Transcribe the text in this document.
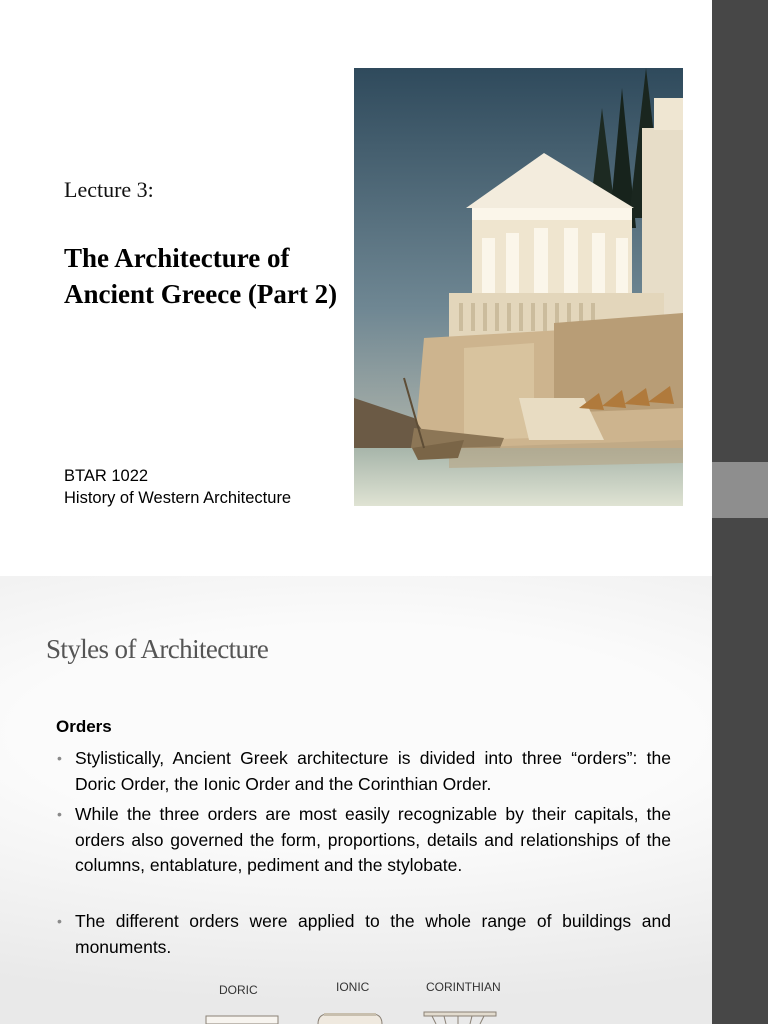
Lecture 3:
The Architecture of Ancient Greece (Part 2)
BTAR 1022
History of Western Architecture
Styles of Architecture
Orders
• Stylistically, Ancient Greek architecture is divided into three “orders”: the Doric Order, the Ionic Order and the Corinthian Order.
• While the three orders are most easily recognizable by their capitals, the orders also governed the form, proportions, details and relationships of the columns, entablature, pediment and the stylobate.
• The different orders were applied to the whole range of buildings and monuments.
DORIC	IONIC	CORINTHIAN
